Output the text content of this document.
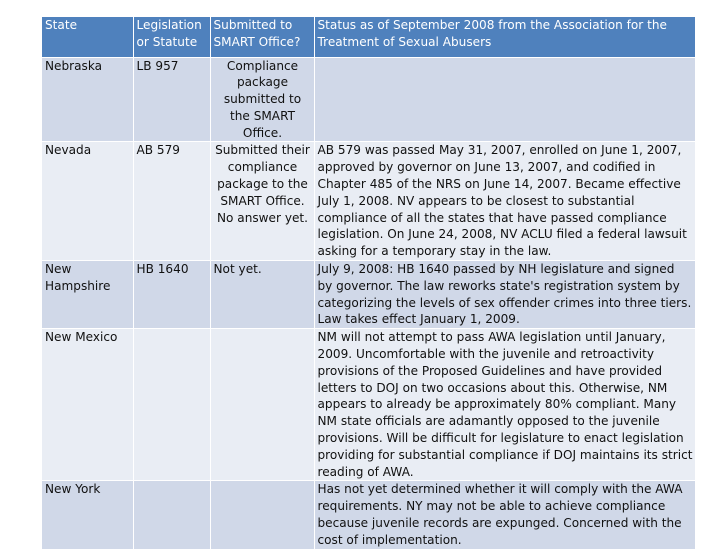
State	Legislation or Statute	Submitted to SMART Office?	Status as of September 2008 from the Association for the Treatment of Sexual Abusers
Nebraska	LB 957	Compliance package submitted to the SMART Office.	
Nevada	AB 579	Submitted their compliance package to the SMART Office. No answer yet.	AB 579 was passed May 31, 2007, enrolled on June 1, 2007, approved by governor on June 13, 2007, and codified in Chapter 485 of the NRS on June 14, 2007. Became effective July 1, 2008. NV appears to be closest to substantial compliance of all the states that have passed compliance legislation. On June 24, 2008, NV ACLU filed a federal lawsuit asking for a temporary stay in the law.
New Hampshire	HB 1640	Not yet.	July 9, 2008: HB 1640 passed by NH legislature and signed by governor. The law reworks state's registration system by categorizing the levels of sex offender crimes into three tiers. Law takes effect January 1, 2009.
New Mexico			NM will not attempt to pass AWA legislation until January, 2009. Uncomfortable with the juvenile and retroactivity provisions of the Proposed Guidelines and have provided letters to DOJ on two occasions about this. Otherwise, NM appears to already be approximately 80% compliant. Many NM state officials are adamantly opposed to the juvenile provisions. Will be difficult for legislature to enact legislation providing for substantial compliance if DOJ maintains its strict reading of AWA.
New York			Has not yet determined whether it will comply with the AWA requirements. NY may not be able to achieve compliance because juvenile records are expunged. Concerned with the cost of implementation.
